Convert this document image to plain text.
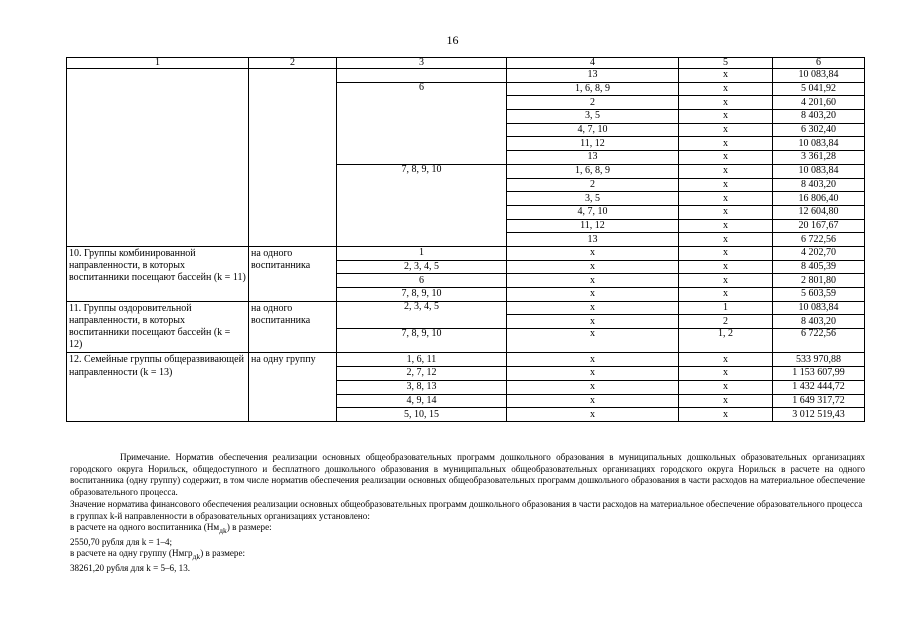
16
1	2	3	4	5	6
			13	x	10 083,84
		6	1, 6, 8, 9	x	5 041,92
			2	x	4 201,60
			3, 5	x	8 403,20
			4, 7, 10	x	6 302,40
			11, 12	x	10 083,84
			13	x	3 361,28
		7, 8, 9, 10	1, 6, 8, 9	x	10 083,84
			2	x	8 403,20
			3, 5	x	16 806,40
			4, 7, 10	x	12 604,80
			11, 12	x	20 167,67
			13	x	6 722,56
10. Группы комбинированной направленности, в которых воспитанники посещают бассейн (k = 11)	на одного воспитанника	1	x	x	4 202,70
		2, 3, 4, 5	x	x	8 405,39
		6	x	x	2 801,80
		7, 8, 9, 10	x	x	5 603,59
11. Группы оздоровительной направленности, в которых воспитанники посещают бассейн (k = 12)	на одного воспитанника	2, 3, 4, 5	x	1	10 083,84
			x	2	8 403,20
		7, 8, 9, 10	x	1, 2	6 722,56

12. Семейные группы общеразвивающей направленности (k = 13)	на одну группу	1, 6, 11	x	x	533 970,88
		2, 7, 12	x	x	1 153 607,99
		3, 8, 13	x	x	1 432 444,72
		4, 9, 14	x	x	1 649 317,72
		5, 10, 15	x	x	3 012 519,43

Примечание. Норматив обеспечения реализации основных общеобразовательных программ дошкольного образования в муниципальных дошкольных образовательных организациях городского округа Норильск, общедоступного и бесплатного дошкольного образования в муниципальных общеобразовательных организациях городского округа Норильск в расчете на одного воспитанника (одну группу) содержит, в том числе норматив обеспечения реализации основных общеобразовательных программ дошкольного образования в части расходов на материальное обеспечение образовательного процесса.

Значение норматива финансового обеспечения реализации основных общеобразовательных программ дошкольного образования в части расходов на материальное обеспечение образовательного процесса в группах k-й направленности в образовательных организациях установлено:

в расчете на одного воспитанника $(Нм_{дk})$ в размере:

2550,70 рубля для k = 1–4;

в расчете на одну группу (Нмгр$_{дk}$) в размере:

38261,20 рубля для k = 5–6, 13.
